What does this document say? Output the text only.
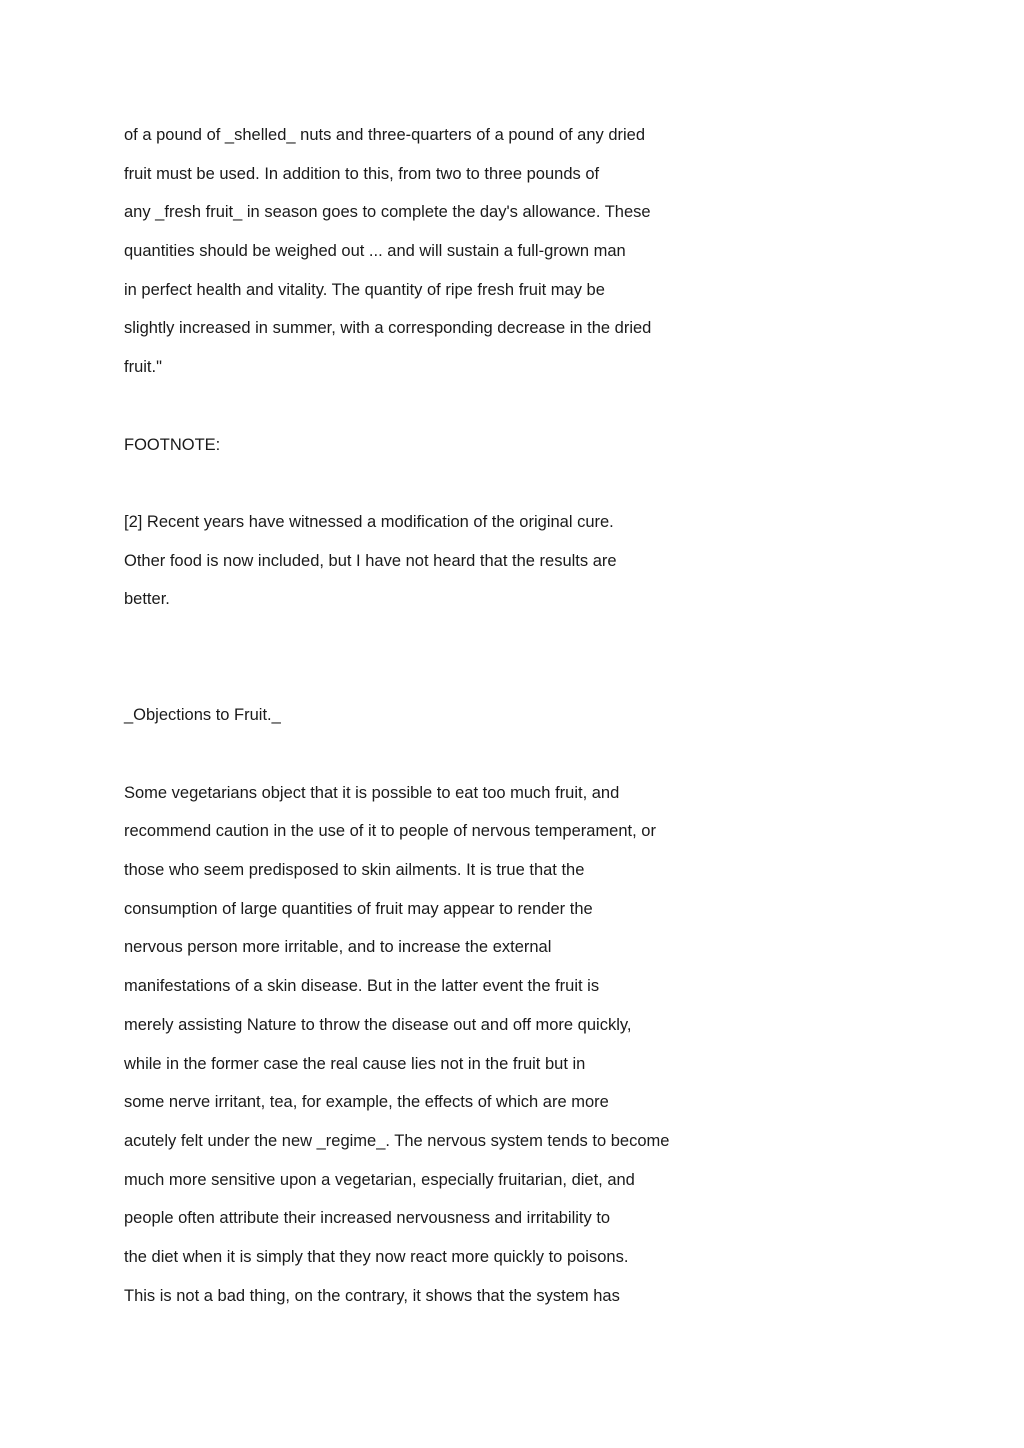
of a pound of _shelled_ nuts and three-quarters of a pound of any dried
fruit must be used. In addition to this, from two to three pounds of
any _fresh fruit_ in season goes to complete the day's allowance. These
quantities should be weighed out ... and will sustain a full-grown man
in perfect health and vitality. The quantity of ripe fresh fruit may be
slightly increased in summer, with a corresponding decrease in the dried
fruit."
FOOTNOTE:
[2] Recent years have witnessed a modification of the original cure.
Other food is now included, but I have not heard that the results are
better.
_Objections to Fruit._
Some vegetarians object that it is possible to eat too much fruit, and
recommend caution in the use of it to people of nervous temperament, or
those who seem predisposed to skin ailments. It is true that the
consumption of large quantities of fruit may appear to render the
nervous person more irritable, and to increase the external
manifestations of a skin disease. But in the latter event the fruit is
merely assisting Nature to throw the disease out and off more quickly,
while in the former case the real cause lies not in the fruit but in
some nerve irritant, tea, for example, the effects of which are more
acutely felt under the new _regime_. The nervous system tends to become
much more sensitive upon a vegetarian, especially fruitarian, diet, and
people often attribute their increased nervousness and irritability to
the diet when it is simply that they now react more quickly to poisons.
This is not a bad thing, on the contrary, it shows that the system has
